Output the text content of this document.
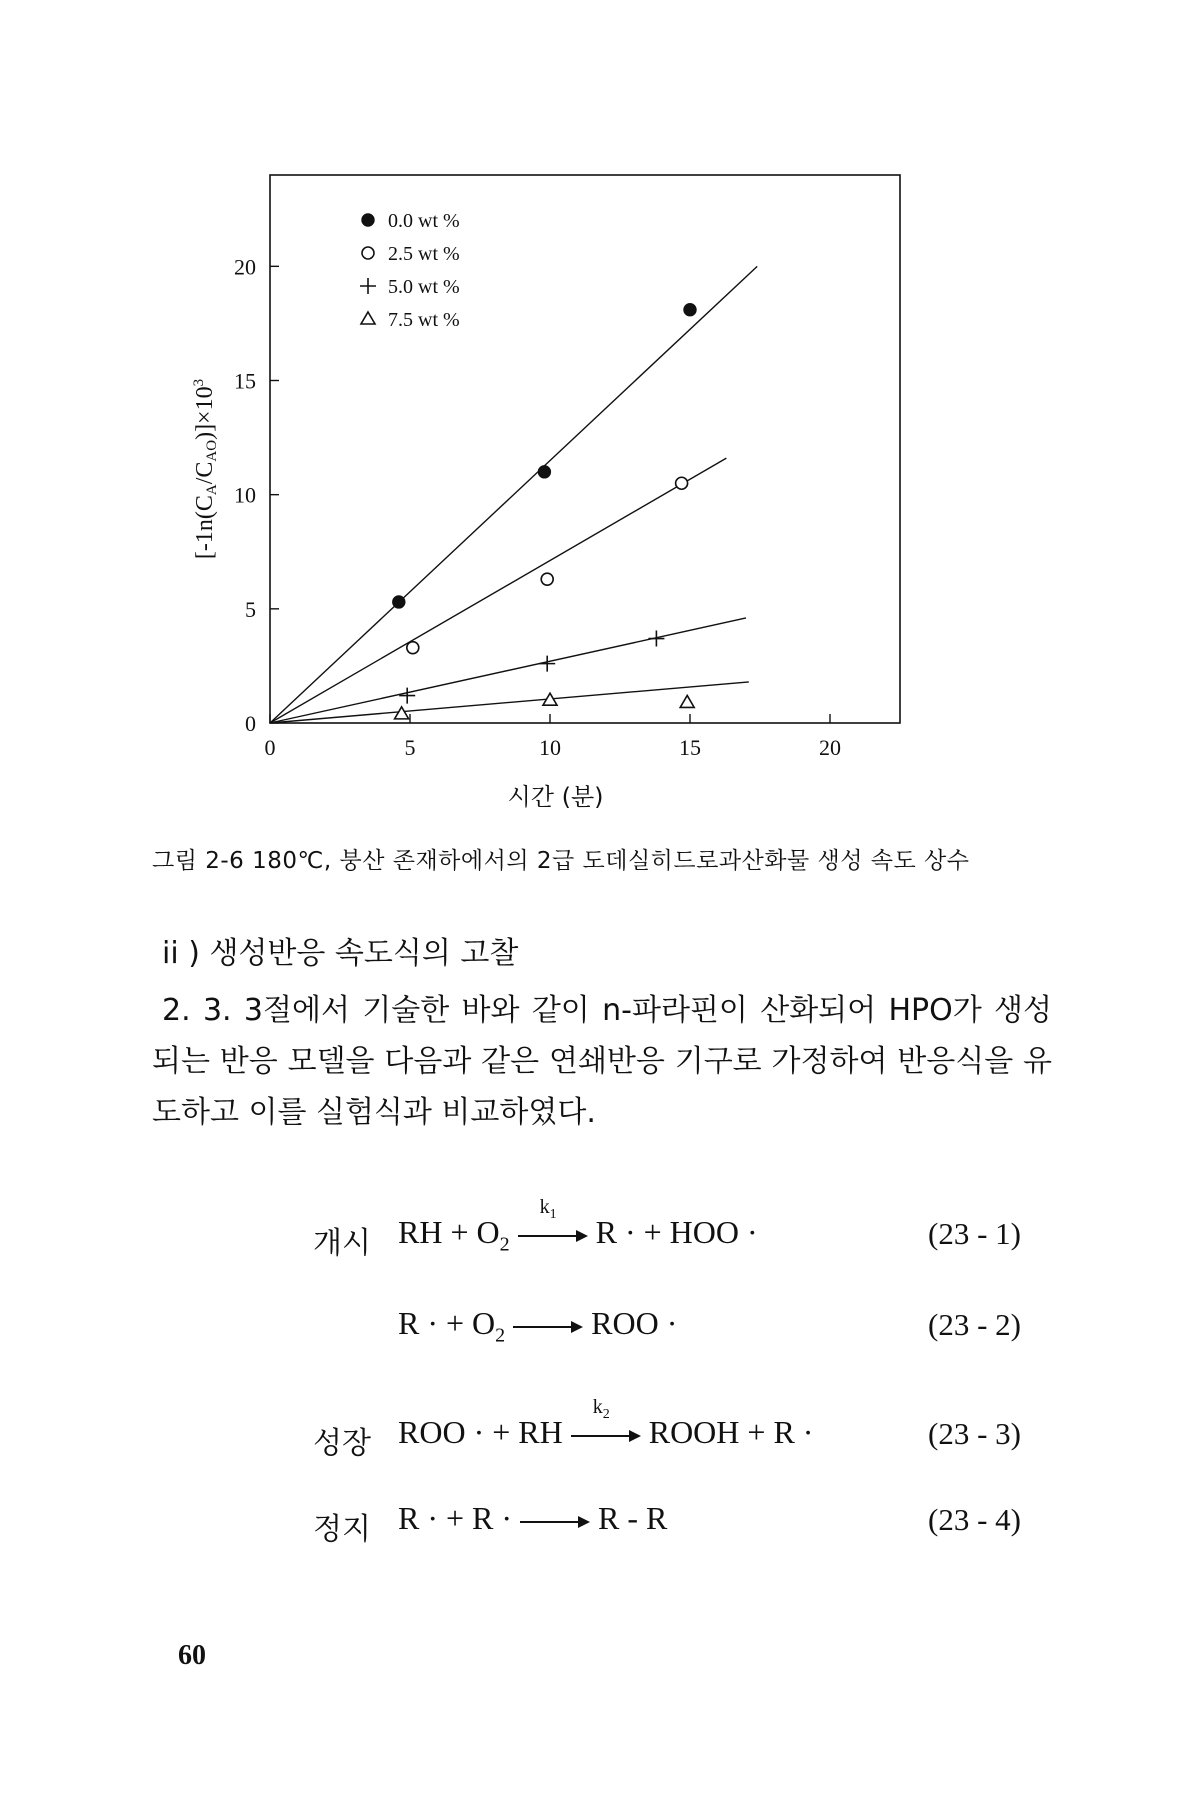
0	5	10	15	20
0
5
10
15
20
시간 (분)
[-1n(CA/CAO)]×103
0.0 wt %
2.5 wt %
5.0 wt %
7.5 wt %
그림 2-6 180℃, 붕산 존재하에서의 2급 도데실히드로과산화물 생성 속도 상수
ii ) 생성반응 속도식의 고찰
2. 3. 3절에서 기술한 바와 같이 n-파라핀이 산화되어 HPO가 생성되는 반응 모델을 다음과 같은 연쇄반응 기구로 가정하여 반응식을 유도하고 이를 실험식과 비교하였다.
개시 RH + $O_2$
$k_1$ R · + HOO ·	(23 - 1)
R · + $O_2$	ROO ·	(23 - 2)
성장 ROO · + RH
$k_2$ ROOH + R ·	(23 - 3)
정지 R · + R ·	R - R	(23 - 4)
60
